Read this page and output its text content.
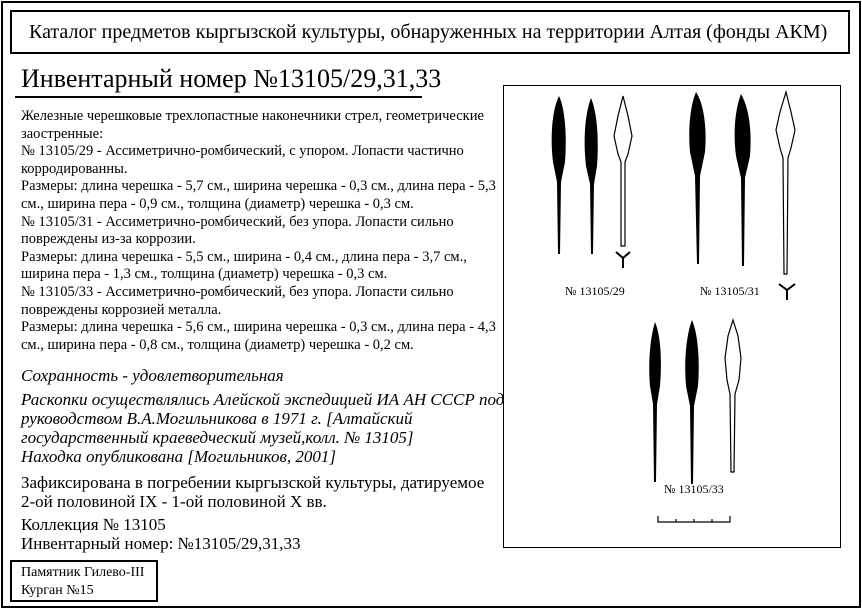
Каталог предметов кыргызской культуры, обнаруженных на территории Алтая (фонды АКМ)
Инвентарный номер №13105/29,31,33
Железные черешковые трехлопастные наконечники стрел, геометрические
заостренные:
№ 13105/29 - Ассиметрично-ромбический, с упором. Лопасти частично
корродированны.
Размеры: длина черешка - 5,7 см., ширина черешка - 0,3 см., длина пера - 5,3
см., ширина пера - 0,9 см., толщина (диаметр) черешка - 0,3 см.
№ 13105/31 - Ассиметрично-ромбический, без упора. Лопасти сильно
повреждены из-за коррозии.
Размеры: длина черешка - 5,5 см., ширина - 0,4 см., длина пера - 3,7 см.,
ширина пера - 1,3 см., толщина (диаметр) черешка - 0,3 см.
№ 13105/33 - Ассиметрично-ромбический, без упора. Лопасти сильно
повреждены коррозией металла.
Размеры: длина черешка - 5,6 см., ширина черешка - 0,3 см., длина пера - 4,3
см., ширина пера - 0,8 см., толщина (диаметр) черешка - 0,2 см.
Сохранность - удовлетворительная
Раскопки осуществлялись Алейской экспедицией ИА АН СССР под
руководством В.А.Могильникова в 1971 г. [Алтайский
государственный краеведческий музей,колл. № 13105]
Находка опубликована [Могильников, 2001]
Зафиксирована в погребении кыргызской культуры, датируемое
2-ой половиной IX - 1-ой половиной X вв.
Коллекция № 13105
Инвентарный номер: №13105/29,31,33
Памятник Гилево-III
Курган №15
№ 13105/29	№ 13105/31
№ 13105/33
